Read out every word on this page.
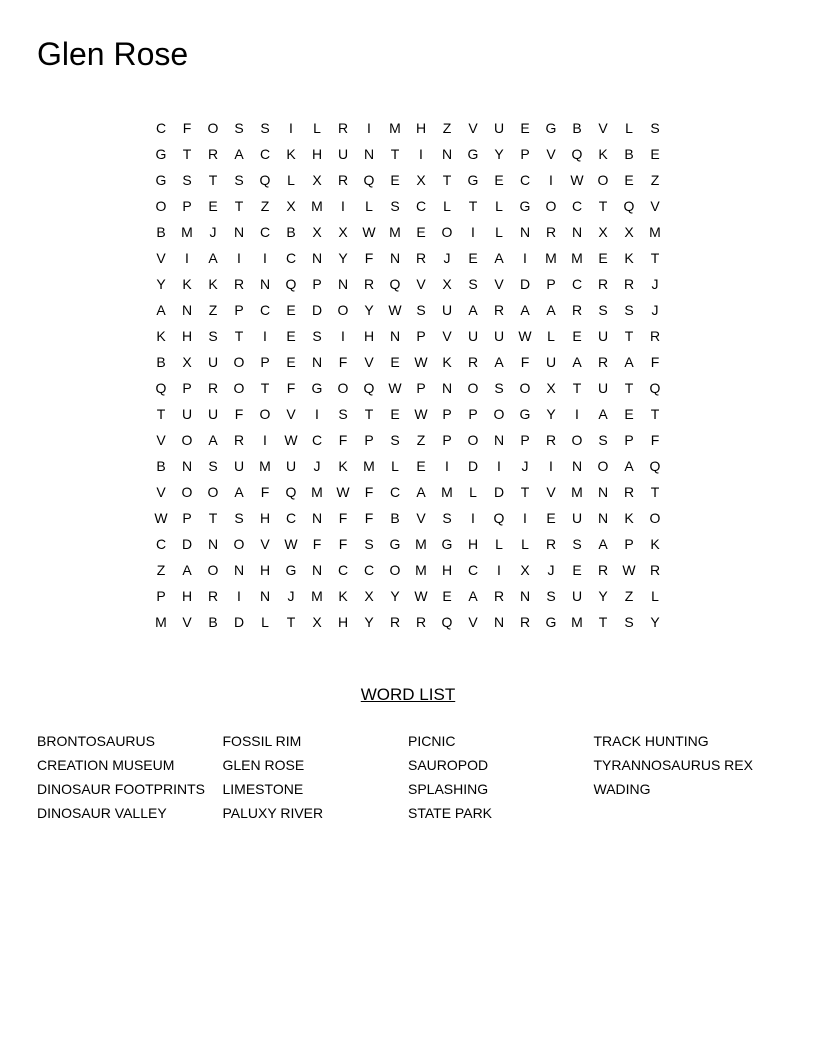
Glen Rose
C	F	O	S	S	I	L	R	I	M	H	Z	V	U	E	G	B	V	L	S
G	T	R	A	C	K	H	U	N	T	I	N	G	Y	P	V	Q	K	B	E
G	S	T	S	Q	L	X	R	Q	E	X	T	G	E	C	I	W O	E	Z
O	P	E	T	Z	X	M	I	L	S	C	L	T	L	G	O	C	T	Q	V
B	M	J	N	C	B	X	X	W M	E	O	I	L	N	R	N	X	X	M
V	I	A	I	I	C	N	Y	F	N	R	J	E	A	I	M	M	E	K	T
Y	K	K	R	N	Q	P	N	R	Q	V	X	S	V	D	P	C	R	R	J
A	N	Z	P	C	E	D	O	Y	W	S	U	A	R	A	A	R	S	S	J
K	H	S	T	I	E	S	I	H	N	P	V	U	U	W	L	E	U	T	R
B	X	U	O	P	E	N	F	V	E	W	K	R	A	F	U	A	R	A	F
Q	P	R	O	T	F	G	O	Q W	P	N	O	S	O	X	T	U	T	Q
T	U	U	F	O	V	I	S	T	E	W	P	P	O	G	Y	I	A	E	T
V	O	A	R	I	W	C	F	P	S	Z	P	O	N	P	R	O	S	P	F
B	N	S	U	M	U	J	K	M	L	E	I	D	I	J	I	N	O	A	Q
V	O	O	A	F	Q	M W	F	C	A	M	L	D	T	V	M	N	R	T
W	P	T	S	H	C	N	F	F	B	V	S	I	Q	I	E	U	N	K	O
C	D	N	O	V	W	F	F	S	G	M	G	H	L	L	R	S	A	P	K
Z	A	O	N	H	G	N	C	C	O	M	H	C	I	X	J	E	R	W	R
P	H	R	I	N	J	M	K	X	Y	W	E	A	R	N	S	U	Y	Z	L
M	V	B	D	L	T	X	H	Y	R	R	Q	V	N	R	G	M	T	S	Y
WORD LIST
BRONTOSAURUS	FOSSIL RIM	PICNIC	TRACK HUNTING
CREATION MUSEUM	GLEN ROSE	SAUROPOD	TYRANNOSAURUS REX
DINOSAUR FOOTPRINTS	LIMESTONE	SPLASHING	WADING
DINOSAUR VALLEY	PALUXY RIVER	STATE PARK
